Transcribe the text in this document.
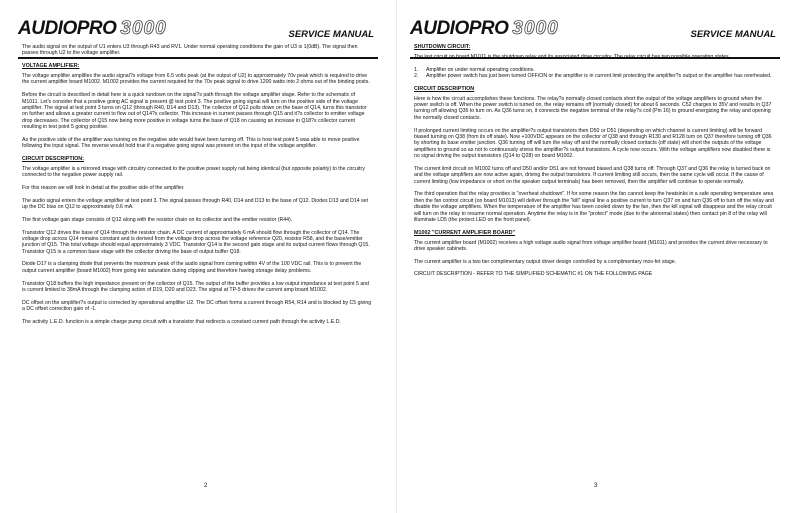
AUDIOPRO 3000	SERVICE MANUAL
The audio signal on the output of U1 enters U3 through R43 and RV1. Under normal operating conditions the gain of U3 is 1(0dB). The signal then passes through U2 to the voltage amplifier.
VOLTAGE AMPLIFIER:
The voltage amplifier amplifies the audio signal?s voltage from 6.5 volts peak (at the output of U2) to approximately 70v peak which is required to drive the current amplifier board M1002. M1002 provides the current required for the 70v peak signal to drive 1200 watts into 2 ohms out of the binding posts.
Before the circuit is described in detail here is a quick rundown on the signal?s path through the voltage amplifier stage. Refer to the schematic of M1011. Let's consider that a positive going AC signal is present @ test point 3. The positive going signal will turn on the positive side of the voltage amplifier. The signal at test point 3 turns on Q12 (through R40, D14 and D13). The collector of Q12 pulls down on the base of Q14, turns this transistor on further and allows a greater current to flow out of Q14?s collector. This increase in current passes through Q15 and it?s collector to emitter voltage drop decreases. The collector of Q15 now being more positive in voltage turns the base of Q18 on causing an increase in Q18?s collector current resulting in test point 5 going positive.
As the positive side of the amplifier was turning on the negative side would have been turning off. This is how test point 5 was able to move positive following the input signal. The reverse would hold true if a negative going signal was present on the input of the voltage amplifier.
CIRCUIT DESCRIPTION:
The voltage amplifier is a mirrored image with circuitry connected to the positive power supply rail being identical (but opposite polarity) to the circuitry connected to the negative power supply rail.
For this reason we will look in detail at the positive side of the amplifier.
The audio signal enters the voltage amplifier at test point 3. The signal passes through R40, D14 and D13 to the base of Q12. Diodes D13 and D14 set up the DC bias on Q12 to approximately 0.6 mA.
The first voltage gain stage consists of Q12 along with the resistor chain on its collector and the emitter resistor (R44).
Transistor Q12 drives the base of Q14 through the resistor chain. A DC current of approximately 6 mA should flow through the collector of Q14. The voltage drop across Q14 remains constant and is derived from the voltage drop across the voltage reference Q20, resistor R58, and the base/emitter junction of Q15. This total voltage should equal approximately 3 VDC. Transistor Q14 is the second gain stage and its output current flows through Q15. Transistor Q15 is a common base stage with the collector driving the base of output buffer Q18.
Diode D17 is a clamping diode that prevents the maximum peak of the audio signal from coming within 4V of the 100 VDC rail. This is to prevent the output current amplifier (board M1002) from going into saturation during clipping and therefore having storage delay problems.
Transistor Q18 buffers the high impedance present on the collector of Q15. The output of the buffer provides a low output impedance at test point 5 and is current limited to 38mA through the clamping action of D19, D20 and D23. The signal at TP-5 drives the current amp board M1002.
DC offset on the amplifier?s output is corrected by operational amplifier U2. The DC offset forms a current through R54, R14 and is blocked by C5 giving a DC offset correction gain of -1.
The activity L.E.D. function is a simple charge pump circuit with a transistor that redirects a constant current path through the activity L.E.D.
2
AUDIOPRO 3000	SERVICE MANUAL
SHUTDOWN CIRCUIT:
The last circuit on board M1011 is the shutdown relay and its associated drive circuitry. The relay circuit has two possible operating states.
1.	Amplifier on under normal operating conditions.
2.	Amplifier power switch has just been turned OFF/ON or the amplifier is in current limit protecting the amplifier?s output or the amplifier has overheated.
CIRCUIT DESCRIPTION
Here is how the circuit accomplishes these functions. The relay?s normally closed contacts short the output of the voltage amplifiers to ground when the power switch is off. When the power switch is turned on, the relay remains off (normally closed) for about 6 seconds. C52 charges to 35V and results in Q37 turning off allowing Q36 to turn on. As Q36 turns on, it connects the negative terminal of the relay?s coil (Pin 16) to ground energizing the relay and opening the normally closed contacts.
If prolonged current limiting occurs on the amplifier?s output transistors then D50 or D51 (depending on which channel is current limiting) will be forward biased turning on Q38 (from its off state). Now +100VDC appears on the collector of Q38 and through R130 and R128 turn on Q37 therefore turning off Q36 by shorting its base emitter junction. Q36 turning off will turn the relay off and the normally closed contacts (off state) will short the outputs of the voltage amplifiers to ground so as not to continuously stress the amplifier?s output transistors. A cycle now occurs. With the voltage amplifiers now disabled there is no signal driving the output transistors (Q14 to Q28) on board M1002.
The current limit circuit on M1002 turns off and D50 and/or D51 are not forward biased and Q38 turns off. Through Q37 and Q36 the relay is turned back on and the voltage amplifiers are now active again, driving the output transistors. If current limiting still occurs, then the same cycle will occur. If the cause of current limiting (low impedance or short on the speaker output terminals) has been removed, then the amplifier will continue to operate normally.
The third operation that the relay provides is "overheat shutdown". If for some reason the fan cannot keep the heatsinks in a safe operating temperature area then the fan control circuit (on board M1013) will deliver through the "kill" signal line a positive current to turn Q37 on and turn Q36 off to turn off the relay and disable the voltage amplifiers. When the temperature of the amplifier has been cooled down by the fan, then the kill signal will disappear and the relay circuit will turn on the relay to resume normal operation. Anytime the relay is in the "protect" mode (due to the abnormal states) then contact pin 8 of the relay will illuminate LD5 (the protect LED on the front panel).
M1002 "CURRENT AMPLIFIER BOARD"
The current amplifier board (M1002) receives a high voltage audio signal from voltage amplifier board (M1011) and provides the current drive necessary to drive speaker cabinets.
The current amplifier is a two tier complimentary output driver design controlled by a complimentary mos-fet stage.
CIRCUIT DESCRIPTION - REFER TO THE SIMPLIFIED SCHEMATIC #1 ON THE FOLLOWING PAGE
3
